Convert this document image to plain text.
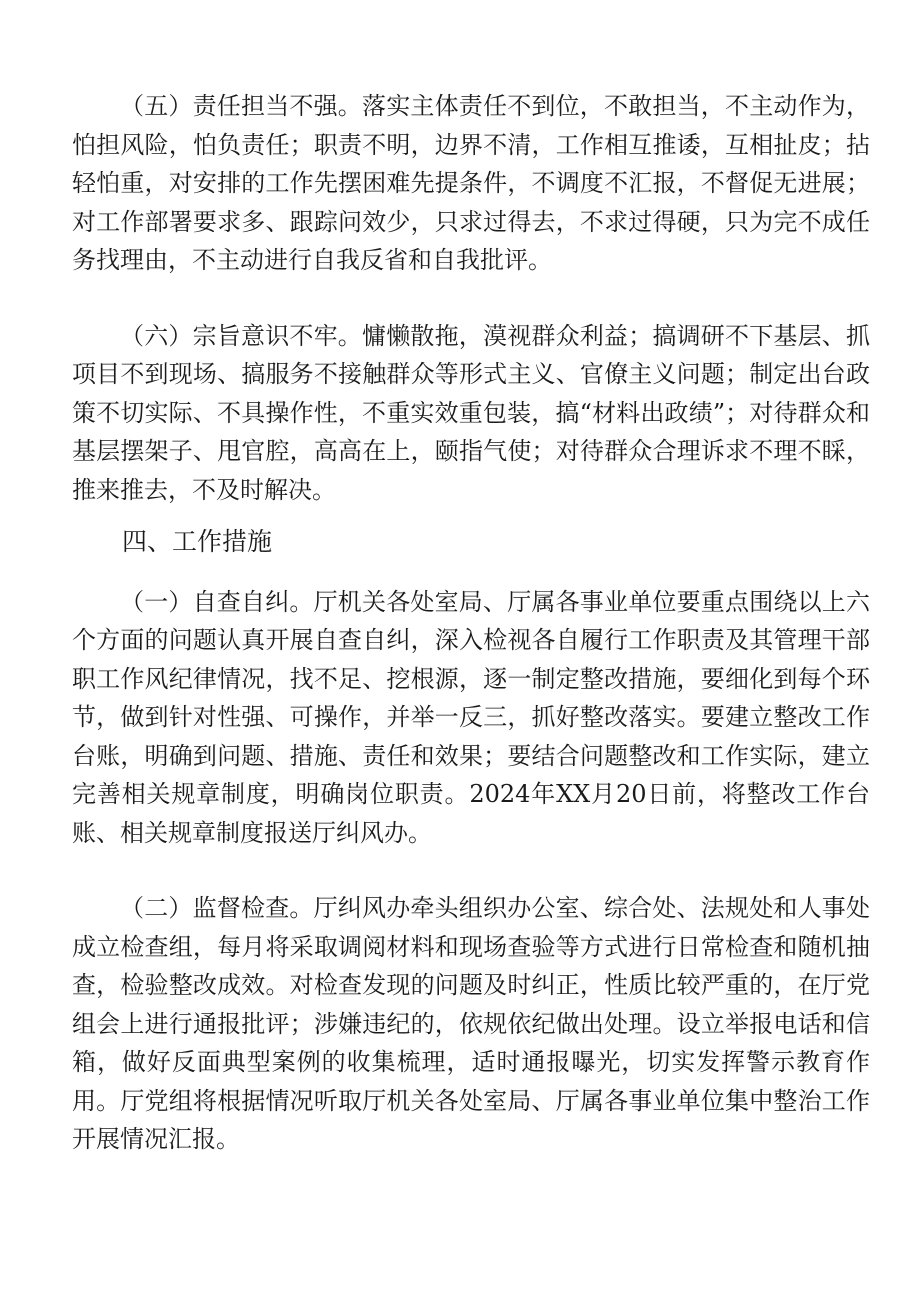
（五）责任担当不强。落实主体责任不到位，不敢担当，不主动作为，怕担风险，怕负责任；职责不明，边界不清，工作相互推诿，互相扯皮；拈轻怕重，对安排的工作先摆困难先提条件，不调度不汇报，不督促无进展；对工作部署要求多、跟踪问效少，只求过得去，不求过得硬，只为完不成任务找理由，不主动进行自我反省和自我批评。

（六）宗旨意识不牢。慵懒散拖，漠视群众利益；搞调研不下基层、抓项目不到现场、搞服务不接触群众等形式主义、官僚主义问题；制定出台政策不切实际、不具操作性，不重实效重包装，搞“材料出政绩”；对待群众和基层摆架子、甩官腔，高高在上，颐指气使；对待群众合理诉求不理不睬，推来推去，不及时解决。

四、工作措施

（一）自查自纠。厅机关各处室局、厅属各事业单位要重点围绕以上六个方面的问题认真开展自查自纠，深入检视各自履行工作职责及其管理干部职工作风纪律情况，找不足、挖根源，逐一制定整改措施，要细化到每个环节，做到针对性强、可操作，并举一反三，抓好整改落实。要建立整改工作台账，明确到问题、措施、责任和效果；要结合问题整改和工作实际，建立完善相关规章制度，明确岗位职责。2024年XX月20日前，将整改工作台账、相关规章制度报送厅纠风办。

（二）监督检查。厅纠风办牵头组织办公室、综合处、法规处和人事处成立检查组，每月将采取调阅材料和现场查验等方式进行日常检查和随机抽查，检验整改成效。对检查发现的问题及时纠正，性质比较严重的，在厅党组会上进行通报批评；涉嫌违纪的，依规依纪做出处理。设立举报电话和信箱，做好反面典型案例的收集梳理，适时通报曝光，切实发挥警示教育作用。厅党组将根据情况听取厅机关各处室局、厅属各事业单位集中整治工作开展情况汇报。
